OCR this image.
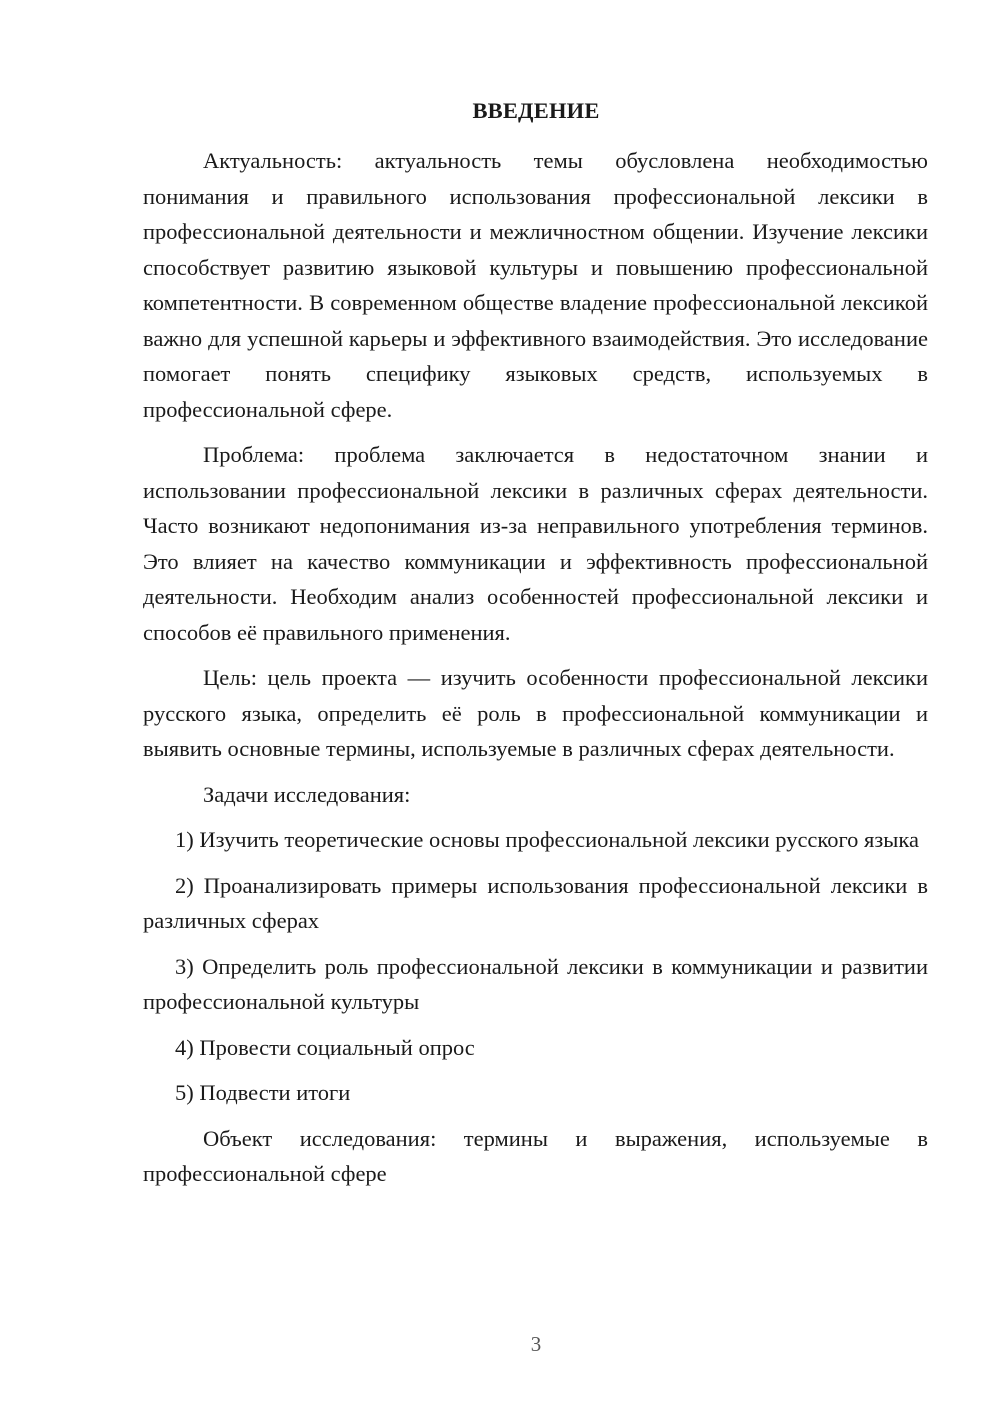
ВВЕДЕНИЕ

Актуальность: актуальность темы обусловлена необходимостью понимания и правильного использования профессиональной лексики в профессиональной деятельности и межличностном общении. Изучение лексики способствует развитию языковой культуры и повышению профессиональной компетентности. В современном обществе владение профессиональной лексикой важно для успешной карьеры и эффективного взаимодействия. Это исследование помогает понять специфику языковых средств, используемых в профессиональной сфере.

Проблема: проблема заключается в недостаточном знании и использовании профессиональной лексики в различных сферах деятельности. Часто возникают недопонимания из-за неправильного употребления терминов. Это влияет на качество коммуникации и эффективность профессиональной деятельности. Необходим анализ особенностей профессиональной лексики и способов её правильного применения.

Цель: цель проекта — изучить особенности профессиональной лексики русского языка, определить её роль в профессиональной коммуникации и выявить основные термины, используемые в различных сферах деятельности.

Задачи исследования:

1) Изучить теоретические основы профессиональной лексики русского языка

2) Проанализировать примеры использования профессиональной лексики в различных сферах

3) Определить роль профессиональной лексики в коммуникации и развитии профессиональной культуры

4) Провести социальный опрос

5) Подвести итоги

Объект исследования: термины и выражения, используемые в профессиональной сфере

3
